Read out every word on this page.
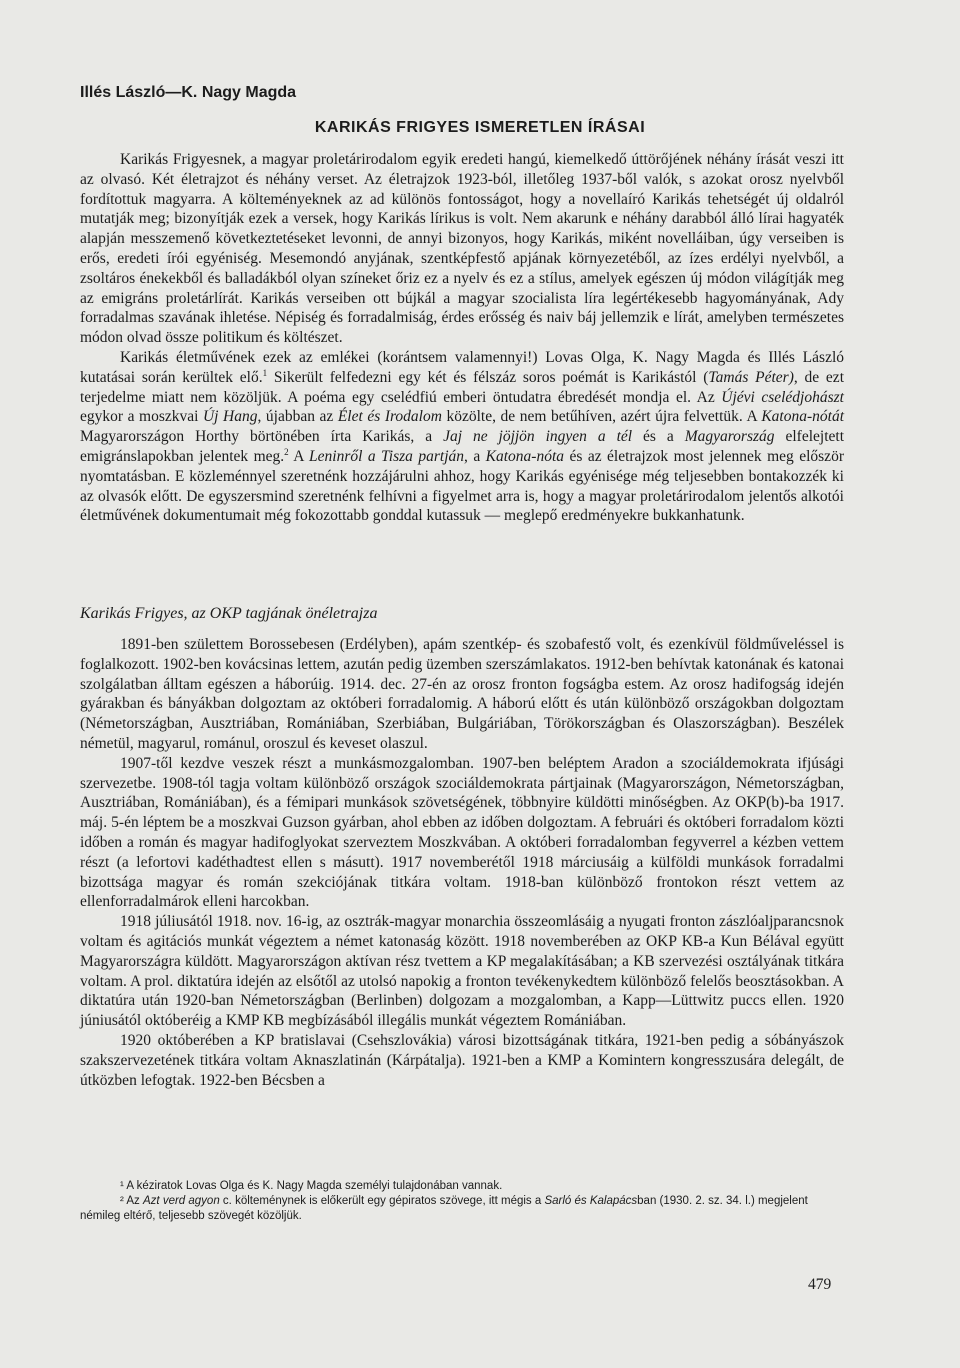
Illés László—K. Nagy Magda
KARIKÁS FRIGYES ISMERETLEN ÍRÁSAI

Karikás Frigyesnek, a magyar proletárirodalom egyik eredeti hangú, kiemelkedő úttörőjének néhány írását veszi itt az olvasó. Két életrajzot és néhány verset. Az életrajzok 1923-ból, illetőleg 1937-ből valók, s azokat orosz nyelvből fordítottuk magyarra. A költeményeknek az ad különös fontosságot, hogy a novellaíró Karikás tehetségét új oldalról mutatják meg; bizonyítják ezek a versek, hogy Karikás lírikus is volt. Nem akarunk e néhány darabból álló lírai hagyaték alapján messzemenő következtetéseket levonni, de annyi bizonyos, hogy Karikás, miként novelláiban, úgy verseiben is erős, eredeti írói egyéniség. Mesemondó anyjának, szentképfestő apjának környezetéből, az ízes erdélyi nyelvből, a zsoltáros énekekből és balladákból olyan színeket őriz ez a nyelv és ez a stílus, amelyek egészen új módon világítják meg az emigráns proletárlírát. Karikás verseiben ott bújkál a magyar szocialista líra legértékesebb hagyományának, Ady forradalmas szavának ihletése. Népiség és forradalmiság, érdes erősség és naiv báj jellemzik e lírát, amelyben természetes módon olvad össze politikum és költészet.

Karikás életművének ezek az emlékei (korántsem valamennyi!) Lovas Olga, K. Nagy Magda és Illés László kutatásai során kerültek elő.$^1$ Sikerült felfedezni egy két és félszáz soros poémát is Karikástól (Tamás Péter), de ezt terjedelme miatt nem közöljük. A poéma egy cselédfiú emberi öntudatra ébredését mondja el. Az Újévi cselédjohászt egykor a moszkvai Új Hang, újabban az Élet és Irodalom közölte, de nem betűhíven, azért újra felvettük. A Katona-nótát Magyarországon Horthy börtönében írta Karikás, a Jaj ne jöjjön ingyen a tél és a Magyarország elfelejtett emigránslapokban jelentek meg.$^2$ A Leninről a Tisza partján, a Katona-nóta és az életrajzok most jelennek meg először nyomtatásban. E közleménnyel szeretnénk hozzájárulni ahhoz, hogy Karikás egyénisége még teljesebben bontakozzék ki az olvasók előtt. De egyszersmind szeretnénk felhívni a figyelmet arra is, hogy a magyar proletárirodalom jelentős alkotói életművének dokumentumait még fokozottabb gonddal kutassuk — meglepő eredményekre bukkanhatunk.

Karikás Frigyes, az OKP tagjának önéletrajza

1891-ben születtem Borossebesen (Erdélyben), apám szentkép- és szobafestő volt, és ezenkívül földműveléssel is foglalkozott. 1902-ben kovácsinas lettem, azután pedig üzemben szerszámlakatos. 1912-ben behívtak katonának és katonai szolgálatban álltam egészen a háborúig. 1914. dec. 27-én az orosz fronton fogságba estem. Az orosz hadifogság idején gyárakban és bányákban dolgoztam az októberi forradalomig. A háború előtt és után különböző országokban dolgoztam (Németországban, Ausztriában, Romániában, Szerbiában, Bulgáriában, Törökországban és Olaszországban). Beszélek németül, magyarul, románul, oroszul és keveset olaszul.

1907-től kezdve veszek részt a munkásmozgalomban. 1907-ben beléptem Aradon a szociáldemokrata ifjúsági szervezetbe. 1908-tól tagja voltam különböző országok szociáldemokrata pártjainak (Magyarországon, Németországban, Ausztriában, Romániában), és a fémipari munkások szövetségének, többnyire küldötti minőségben. Az OKP(b)-ba 1917. máj. 5-én léptem be a moszkvai Guzson gyárban, ahol ebben az időben dolgoztam. A februári és októberi forradalom közti időben a román és magyar hadifoglyokat szerveztem Moszkvában. A októberi forradalomban fegyverrel a kézben vettem részt (a lefortovi kadéthadtest ellen s másutt). 1917 novemberétől 1918 márciusáig a külföldi munkások forradalmi bizottsága magyar és román szekciójának titkára voltam. 1918-ban különböző frontokon részt vettem az ellenforradalmárok elleni harcokban.

1918 júliusától 1918. nov. 16-ig, az osztrák-magyar monarchia összeomlásáig a nyugati fronton zászlóaljparancsnok voltam és agitációs munkát végeztem a német katonaság között. 1918 novemberében az OKP KB-a Kun Bélával együtt Magyarországra küldött. Magyarországon aktívan rész tvettem a KP megalakításában; a KB szervezési osztályának titkára voltam. A prol. diktatúra idején az elsőtől az utolsó napokig a fronton tevékenykedtem különböző felelős beosztásokban. A diktatúra után 1920-ban Németországban (Berlinben) dolgozam a mozgalomban, a Kapp—Lüttwitz puccs ellen. 1920 júniusától októberéig a KMP KB megbízásából illegális munkát végeztem Romániában.

1920 októberében a KP bratislavai (Csehszlovákia) városi bizottságának titkára, 1921-ben pedig a sóbányászok szakszervezetének titkára voltam Aknaszlatinán (Kárpátalja). 1921-ben a KMP a Komintern kongresszusára delegált, de útközben lefogtak. 1922-ben Bécsben a

¹ A kéziratok Lovas Olga és K. Nagy Magda személyi tulajdonában vannak.

² Az Azt verd agyon c. költeménynek is előkerült egy gépiratos szövege, itt mégis a Sarló és Kalapácsban (1930. 2. sz. 34. l.) megjelent némileg eltérő, teljesebb szövegét közöljük.

479
